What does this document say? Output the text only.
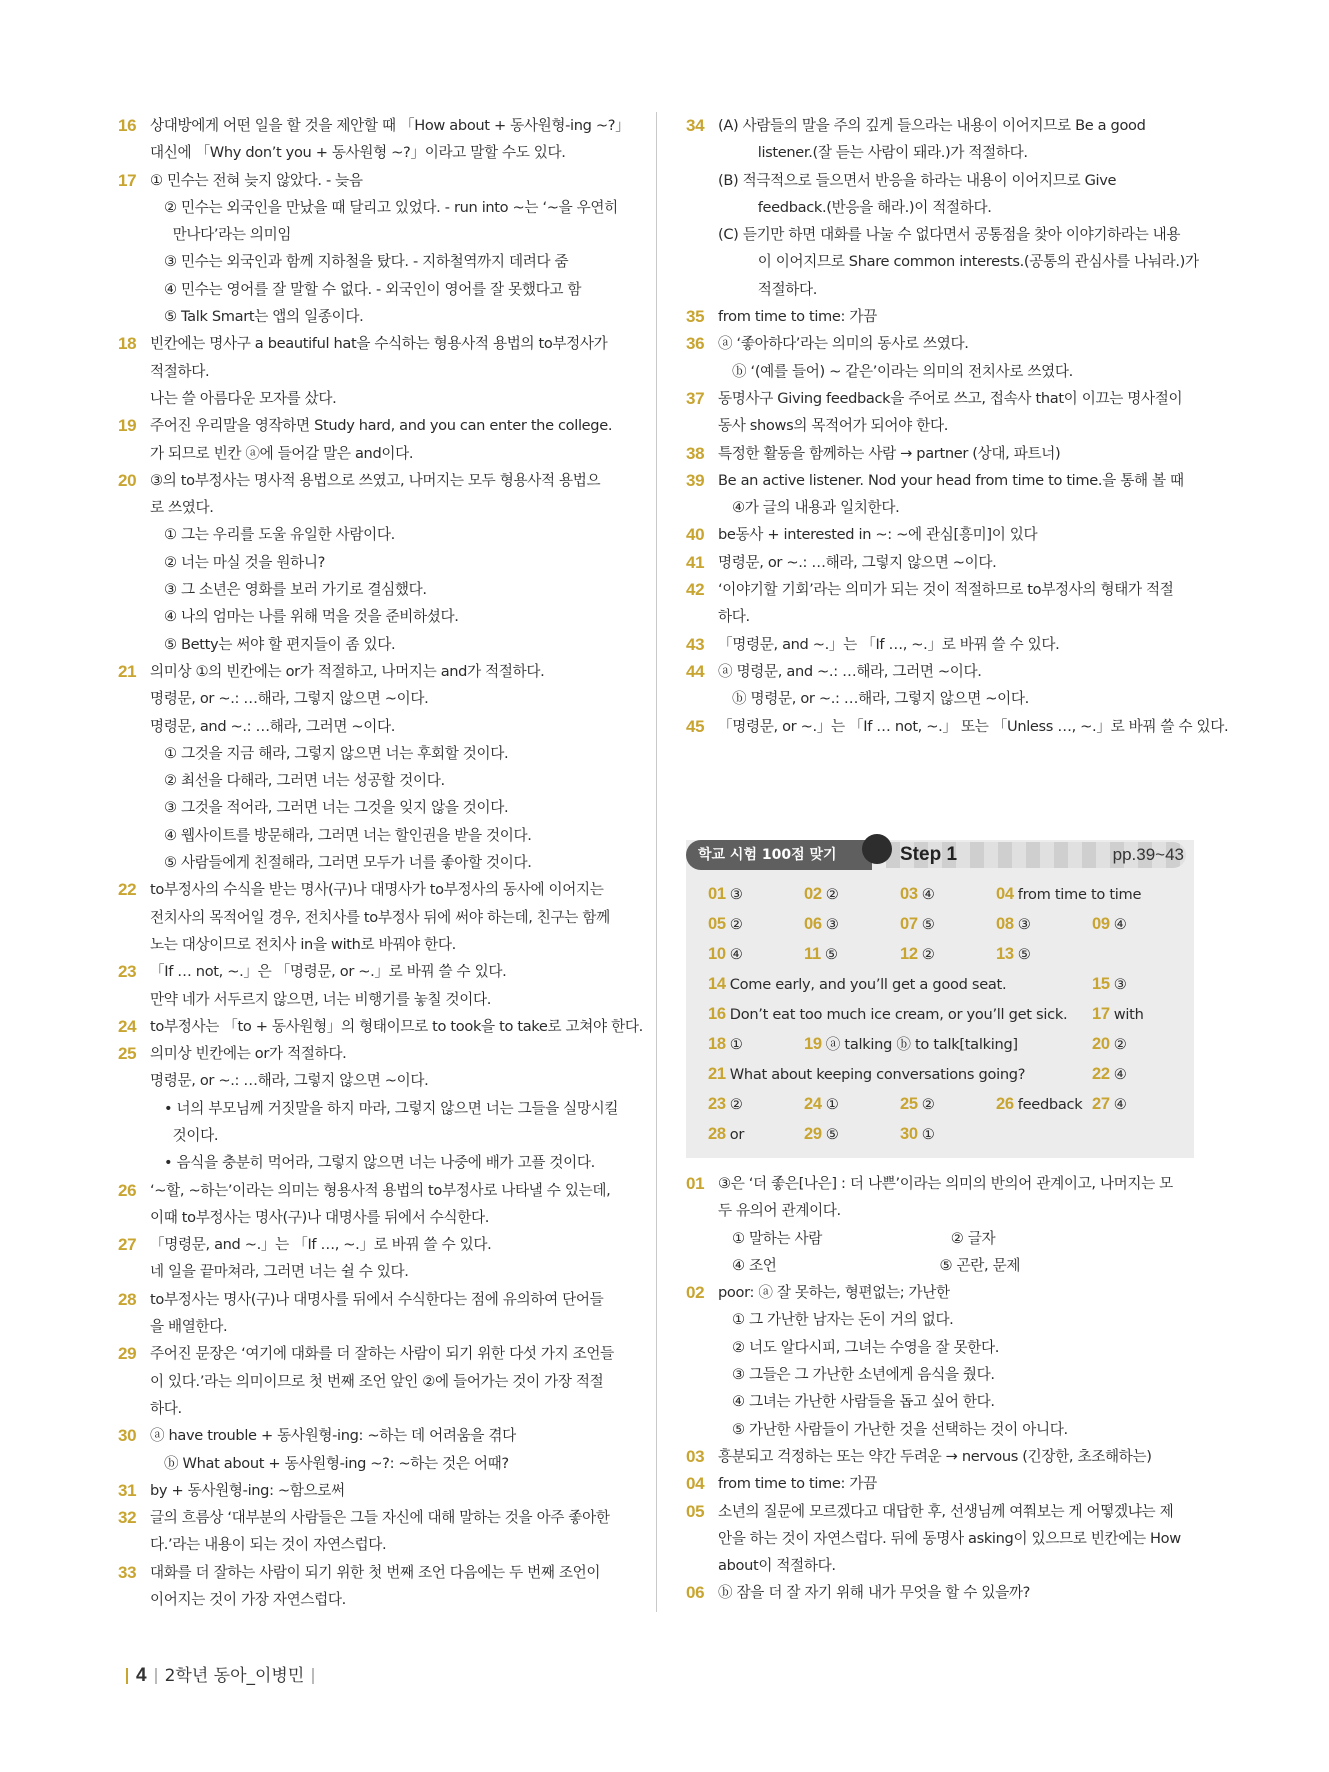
16 상대방에게 어떤 일을 할 것을 제안할 때 「How about + 동사원형-ing ~?」
대신에 「Why don’t you + 동사원형 ~?」이라고 말할 수도 있다.
17 ① 민수는 전혀 늦지 않았다. - 늦음
② 민수는 외국인을 만났을 때 달리고 있었다. - run into ~는 ‘~을 우연히
만나다’라는 의미임
③ 민수는 외국인과 함께 지하철을 탔다. - 지하철역까지 데려다 줌
④ 민수는 영어를 잘 말할 수 없다. - 외국인이 영어를 잘 못했다고 함
⑤ Talk Smart는 앱의 일종이다.
18 빈칸에는 명사구 a beautiful hat을 수식하는 형용사적 용법의 to부정사가
적절하다.
나는 쓸 아름다운 모자를 샀다.
19 주어진 우리말을 영작하면 Study hard, and you can enter the college.
가 되므로 빈칸 ⓐ에 들어갈 말은 and이다.
20 ③의 to부정사는 명사적 용법으로 쓰였고, 나머지는 모두 형용사적 용법으
로 쓰였다.
① 그는 우리를 도울 유일한 사람이다.
② 너는 마실 것을 원하니?
③ 그 소년은 영화를 보러 가기로 결심했다.
④ 나의 엄마는 나를 위해 먹을 것을 준비하셨다.
⑤ Betty는 써야 할 편지들이 좀 있다.
21 의미상 ①의 빈칸에는 or가 적절하고, 나머지는 and가 적절하다.
명령문, or ~.: …해라, 그렇지 않으면 ~이다.
명령문, and ~.: …해라, 그러면 ~이다.
① 그것을 지금 해라, 그렇지 않으면 너는 후회할 것이다.
② 최선을 다해라, 그러면 너는 성공할 것이다.
③ 그것을 적어라, 그러면 너는 그것을 잊지 않을 것이다.
④ 웹사이트를 방문해라, 그러면 너는 할인권을 받을 것이다.
⑤ 사람들에게 친절해라, 그러면 모두가 너를 좋아할 것이다.
22 to부정사의 수식을 받는 명사(구)나 대명사가 to부정사의 동사에 이어지는
전치사의 목적어일 경우, 전치사를 to부정사 뒤에 써야 하는데, 친구는 함께
노는 대상이므로 전치사 in을 with로 바꿔야 한다.
23 「If … not, ~.」은 「명령문, or ~.」로 바꿔 쓸 수 있다.
만약 네가 서두르지 않으면, 너는 비행기를 놓칠 것이다.
24 to부정사는 「to + 동사원형」의 형태이므로 to took을 to take로 고쳐야 한다.
25 의미상 빈칸에는 or가 적절하다.
명령문, or ~.: …해라, 그렇지 않으면 ~이다.
• 너의 부모님께 거짓말을 하지 마라, 그렇지 않으면 너는 그들을 실망시킬
것이다.
• 음식을 충분히 먹어라, 그렇지 않으면 너는 나중에 배가 고플 것이다.
26 ‘~할, ~하는’이라는 의미는 형용사적 용법의 to부정사로 나타낼 수 있는데,
이때 to부정사는 명사(구)나 대명사를 뒤에서 수식한다.
27 「명령문, and ~.」는 「If …, ~.」로 바꿔 쓸 수 있다.
네 일을 끝마쳐라, 그러면 너는 쉴 수 있다.
28 to부정사는 명사(구)나 대명사를 뒤에서 수식한다는 점에 유의하여 단어들
을 배열한다.
29 주어진 문장은 ‘여기에 대화를 더 잘하는 사람이 되기 위한 다섯 가지 조언들
이 있다.’라는 의미이므로 첫 번째 조언 앞인 ②에 들어가는 것이 가장 적절
하다.
30 ⓐ have trouble + 동사원형-ing: ~하는 데 어려움을 겪다
ⓑ What about + 동사원형-ing ~?: ~하는 것은 어때?
31 by + 동사원형-ing: ~함으로써
32 글의 흐름상 ‘대부분의 사람들은 그들 자신에 대해 말하는 것을 아주 좋아한
다.’라는 내용이 되는 것이 자연스럽다.
33 대화를 더 잘하는 사람이 되기 위한 첫 번째 조언 다음에는 두 번째 조언이
이어지는 것이 가장 자연스럽다.
34 (A) 사람들의 말을 주의 깊게 들으라는 내용이 이어지므로 Be a good
listener.(잘 듣는 사람이 돼라.)가 적절하다.
(B) 적극적으로 들으면서 반응을 하라는 내용이 이어지므로 Give
feedback.(반응을 해라.)이 적절하다.
(C) 듣기만 하면 대화를 나눌 수 없다면서 공통점을 찾아 이야기하라는 내용
이 이어지므로 Share common interests.(공통의 관심사를 나눠라.)가
적절하다.
35 from time to time: 가끔
36 ⓐ ‘좋아하다’라는 의미의 동사로 쓰였다.
ⓑ ‘(예를 들어) ~ 같은’이라는 의미의 전치사로 쓰였다.
37 동명사구 Giving feedback을 주어로 쓰고, 접속사 that이 이끄는 명사절이
동사 shows의 목적어가 되어야 한다.
38 특정한 활동을 함께하는 사람 → partner (상대, 파트너)
39 Be an active listener. Nod your head from time to time.을 통해 볼 때
④가 글의 내용과 일치한다.
40 be동사 + interested in ~: ~에 관심[흥미]이 있다
41 명령문, or ~.: …해라, 그렇지 않으면 ~이다.
42 ‘이야기할 기회’라는 의미가 되는 것이 적절하므로 to부정사의 형태가 적절
하다.
43 「명령문, and ~.」는 「If …, ~.」로 바꿔 쓸 수 있다.
44 ⓐ 명령문, and ~.: …해라, 그러면 ~이다.
ⓑ 명령문, or ~.: …해라, 그렇지 않으면 ~이다.
45 「명령문, or ~.」는 「If … not, ~.」 또는 「Unless …, ~.」로 바꿔 쓸 수 있다.
학교 시험 100점 맞기	Step 1	pp.39~43
01 ③	02 ②	03 ④	04 from time to time
05 ②	06 ③	07 ⑤	08 ③	09 ④
10 ④	11 ⑤	12 ②	13 ⑤
14 Come early, and you’ll get a good seat.	15 ③
16 Don’t eat too much ice cream, or you’ll get sick. 17 with
18 ①	19 ⓐ talking ⓑ to talk[talking]	20 ②
21 What about keeping conversations going?	22 ④
23 ②	24 ①	25 ②	26 feedback 27 ④
28 or	29 ⑤	30 ①
01 ③은 ‘더 좋은[나은] : 더 나쁜’이라는 의미의 반의어 관계이고, 나머지는 모
두 유의어 관계이다.
① 말하는 사람                              ② 글자
④ 조언                                      ⑤ 곤란, 문제
02 poor: ⓐ 잘 못하는, 형편없는; 가난한
① 그 가난한 남자는 돈이 거의 없다.
② 너도 알다시피, 그녀는 수영을 잘 못한다.
③ 그들은 그 가난한 소년에게 음식을 줬다.
④ 그녀는 가난한 사람들을 돕고 싶어 한다.
⑤ 가난한 사람들이 가난한 것을 선택하는 것이 아니다.
03 흥분되고 걱정하는 또는 약간 두려운 → nervous (긴장한, 초조해하는)
04 from time to time: 가끔
05 소년의 질문에 모르겠다고 대답한 후, 선생님께 여쭤보는 게 어떻겠냐는 제
안을 하는 것이 자연스럽다. 뒤에 동명사 asking이 있으므로 빈칸에는 How
about이 적절하다.
06 ⓑ 잠을 더 잘 자기 위해 내가 무엇을 할 수 있을까?
4 2학년 동아_이병민
